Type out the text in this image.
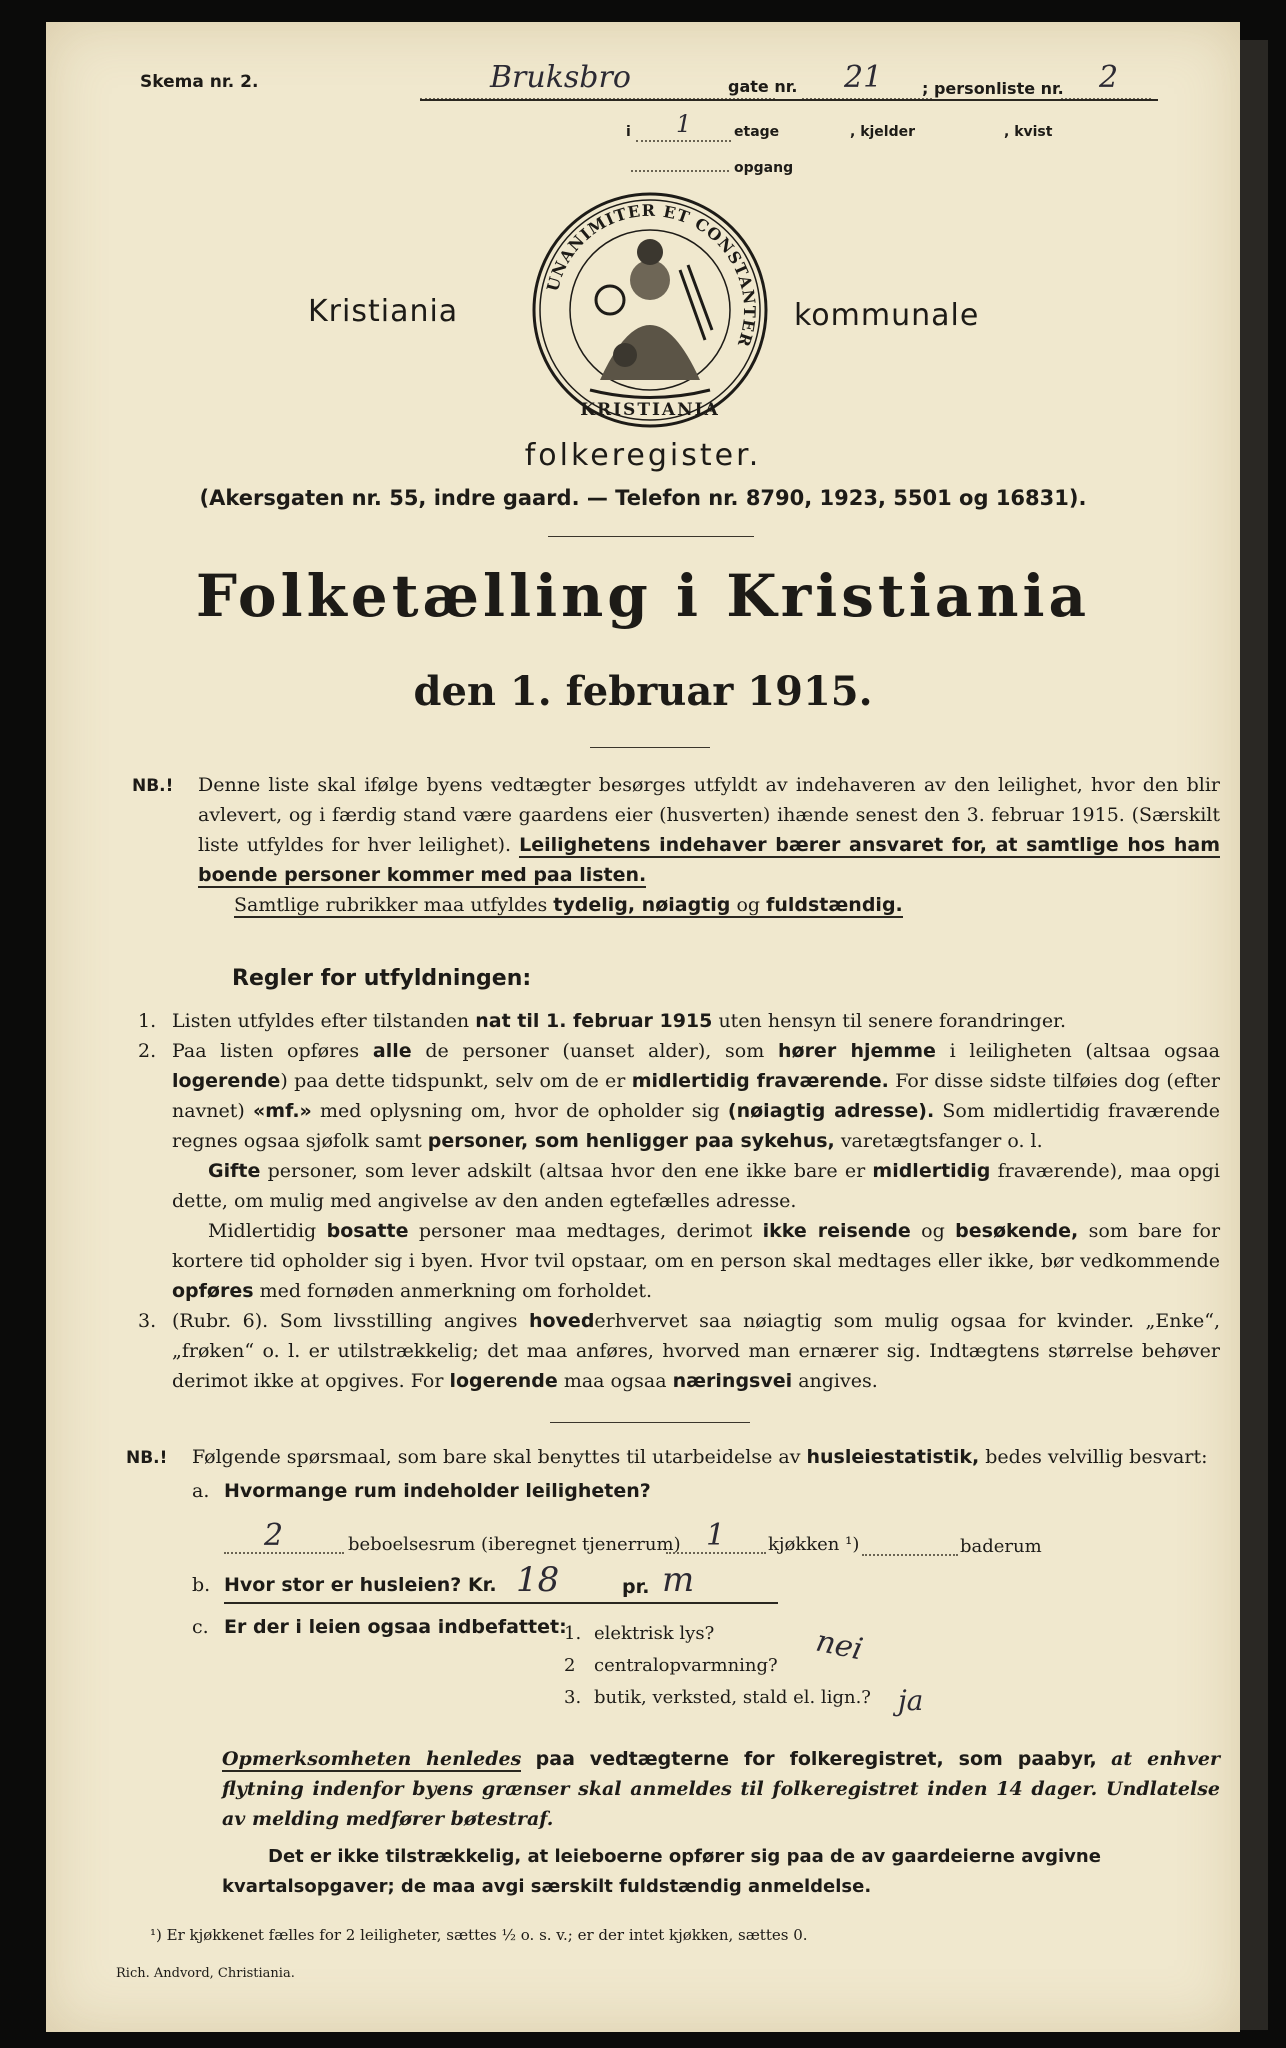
Skema nr. 2.	Bruksbro	gate nr. 21 ; personliste nr. 2
i 1	etage	, kjelder	, kvist
opgang
Kristiania
UNANIMITER ET CONSTANTER
KRISTIANIA
kommunale
folkeregister.
(Akersgaten nr. 55, indre gaard. — Telefon nr. 8790, 1923, 5501 og 16831).
Folketælling i Kristiania
den 1. februar 1915.
NB.! Denne liste skal ifølge byens vedtægter besørges utfyldt av indehaveren av den leilighet, hvor den blir avlevert, og i færdig stand være gaardens eier (husverten) ihænde senest den 3. februar 1915. (Særskilt liste utfyldes for hver leilighet). Leilighetens indehaver bærer ansvaret for, at samtlige hos ham boende personer kommer med paa listen.

Samtlige rubrikker maa utfyldes tydelig, nøiagtig og fuldstændig.

Regler for utfyldningen:
1. Listen utfyldes efter tilstanden nat til 1. februar 1915 uten hensyn til senere forandringer.

2. Paa listen opføres alle de personer (uanset alder), som hører hjemme i leiligheten (altsaa ogsaa logerende) paa dette tidspunkt, selv om de er midlertidig fraværende. For disse sidste tilføies dog (efter navnet) «mf.» med oplysning om, hvor de opholder sig (nøiagtig adresse). Som midlertidig fraværende regnes ogsaa sjøfolk samt personer, som henligger paa sykehus, varetægtsfanger o. l.

Gifte personer, som lever adskilt (altsaa hvor den ene ikke bare er midlertidig fraværende), maa opgi dette, om mulig med angivelse av den anden egtefælles adresse.

Midlertidig bosatte personer maa medtages, derimot ikke reisende og besøkende, som bare for kortere tid opholder sig i byen. Hvor tvil opstaar, om en person skal medtages eller ikke, bør vedkommende opføres med fornøden anmerkning om forholdet.

3. (Rubr. 6). Som livsstilling angives hovederhvervet saa nøiagtig som mulig ogsaa for kvinder. „Enke“, „frøken“ o. l. er utilstrækkelig; det maa anføres, hvorved man ernærer sig. Indtægtens størrelse behøver derimot ikke at opgives. For logerende maa ogsaa næringsvei angives.

NB.! Følgende spørsmaal, som bare skal benyttes til utarbeidelse av husleiestatistik, bedes velvillig besvart:
a. Hvormange rum indeholder leiligheten?
2	beboelsesrum (iberegnet tjenerrum) 1 kjøkken ¹)	baderum
b. Hvor stor er husleien? Kr. 18	pr. m
c. Er der i leien ogsaa indbefattet:
1. elektrisk lys?
2 centralopvarmning?
3. butik, verksted, stald el. lign.?
nei
ja

Opmerksomheten henledes paa vedtægterne for folkeregistret, som paabyr, at enhver flytning indenfor byens grænser skal anmeldes til folkeregistret inden 14 dager. Undlatelse av melding medfører bøtestraf.

Det er ikke tilstrækkelig, at leieboerne opfører sig paa de av gaardeierne avgivne kvartalsopgaver; de maa avgi særskilt fuldstændig anmeldelse.
¹) Er kjøkkenet fælles for 2 leiligheter, sættes ½ o. s. v.; er der intet kjøkken, sættes 0.
Rich. Andvord, Christiania.
